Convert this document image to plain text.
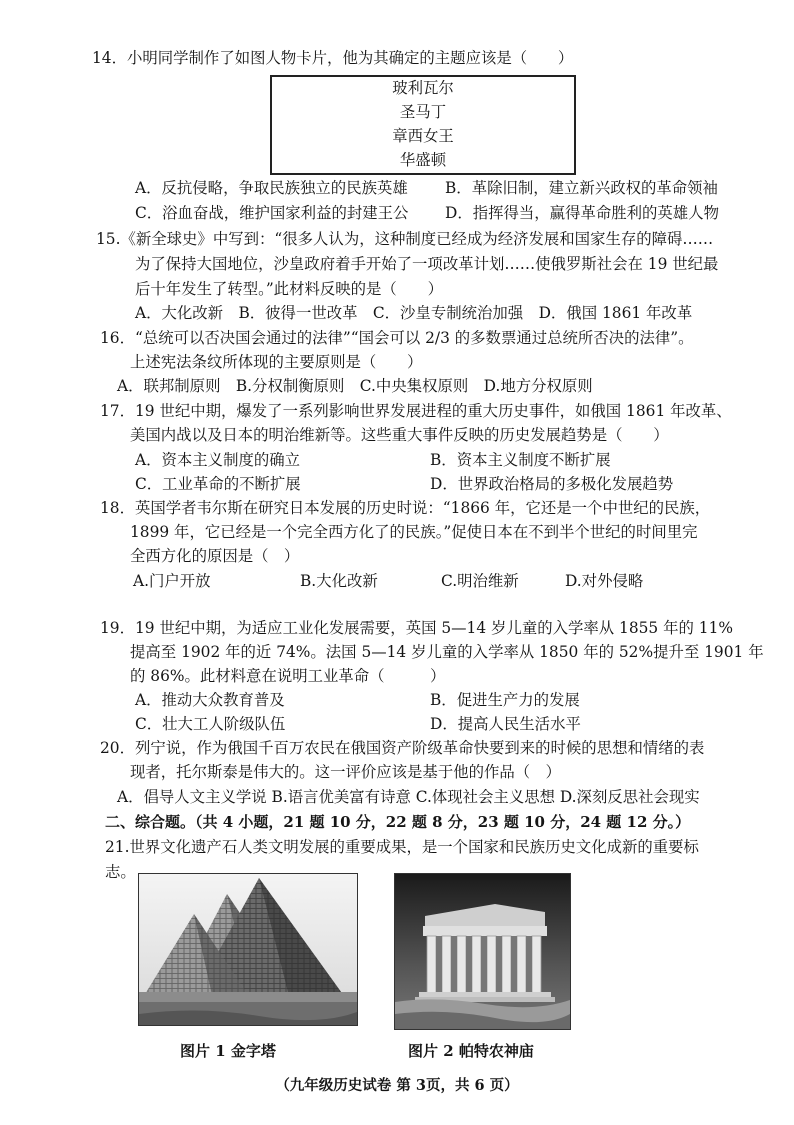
14．小明同学制作了如图人物卡片，他为其确定的主题应该是（　　）
玻利瓦尔
圣马丁
章西女王
华盛顿
A．反抗侵略，争取民族独立的民族英雄 B．革除旧制，建立新兴政权的革命领袖
C．浴血奋战，维护国家利益的封建王公 D．指挥得当，赢得革命胜利的英雄人物
15.《新全球史》中写到：“很多人认为，这种制度已经成为经济发展和国家生存的障碍……
为了保持大国地位，沙皇政府着手开始了一项改革计划……使俄罗斯社会在 19 世纪最
后十年发生了转型。”此材料反映的是（　　）
A．大化改新　B．彼得一世改革　C．沙皇专制统治加强　D．俄国 1861 年改革
16．“总统可以否决国会通过的法律”“国会可以 2/3 的多数票通过总统所否决的法律”。
上述宪法条纹所体现的主要原则是（　　）
A．联邦制原则　B.分权制衡原则　C.中央集权原则　D.地方分权原则
17．19 世纪中期，爆发了一系列影响世界发展进程的重大历史事件，如俄国 1861 年改革、
美国内战以及日本的明治维新等。这些重大事件反映的历史发展趋势是（　　）
A．资本主义制度的确立	B．资本主义制度不断扩展
C．工业革命的不断扩展	D．世界政治格局的多极化发展趋势
18．英国学者韦尔斯在研究日本发展的历史时说：“1866 年，它还是一个中世纪的民族，
1899 年，它已经是一个完全西方化了的民族。”促使日本在不到半个世纪的时间里完
全西方化的原因是（　）
A.门户开放	B.大化改新	C.明治维新	D.对外侵略
19．19 世纪中期，为适应工业化发展需要，英国 5—14 岁儿童的入学率从 1855 年的 11%
提高至 1902 年的近 74%。法国 5—14 岁儿童的入学率从 1850 年的 52%提升至 1901 年
的 86%。此材料意在说明工业革命（	）
A．推动大众教育普及	B．促进生产力的发展
C．壮大工人阶级队伍	D．提高人民生活水平
20．列宁说，作为俄国千百万农民在俄国资产阶级革命快要到来的时候的思想和情绪的表
现者，托尔斯泰是伟大的。这一评价应该是基于他的作品（　）
A．倡导人文主义学说 B.语言优美富有诗意 C.体现社会主义思想 D.深刻反思社会现实
二、综合题。（共 4 小题，21 题 10 分，22 题 8 分，23 题 10 分，24 题 12 分。）
21.世界文化遗产石人类文明发展的重要成果，是一个国家和民族历史文化成新的重要标
志。
图片 1 金字塔	图片 2 帕特农神庙
（九年级历史试卷 第 3页，共 6 页）
